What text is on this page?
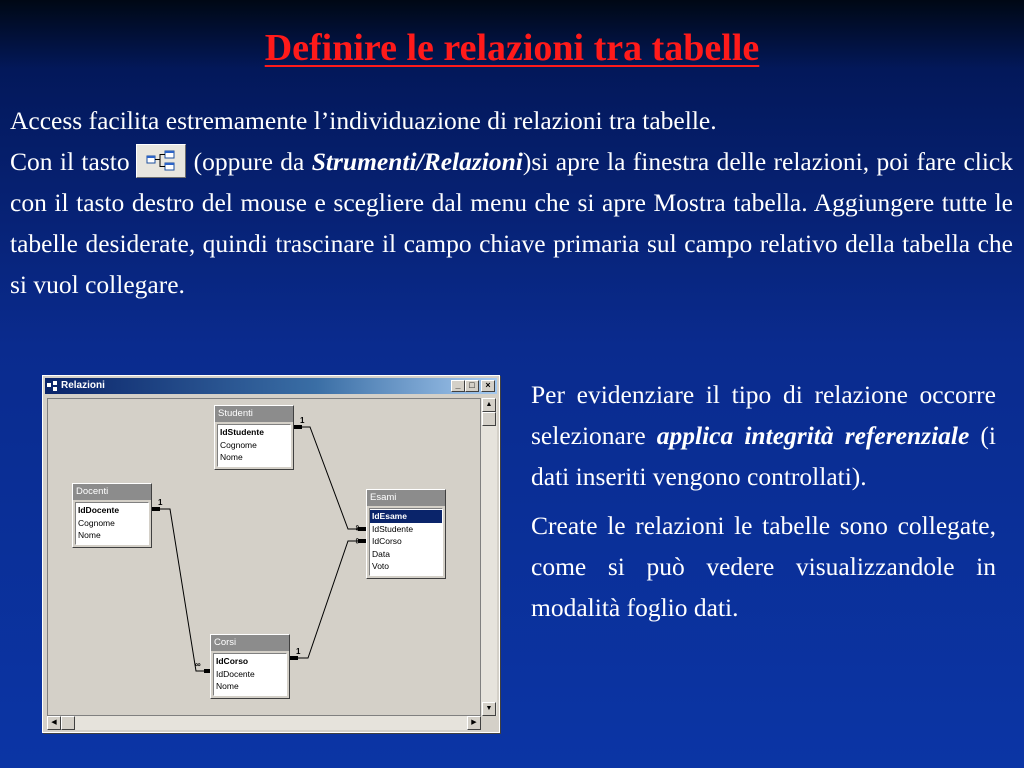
Definire le relazioni tra tabelle

Access facilita estremamente l’individuazione di relazioni tra tabelle.

Con il tasto	(oppure da Strumenti/Relazioni)si apre la finestra delle relazioni, poi fare click con il tasto destro del mouse e scegliere dal menu che si apre Mostra tabella. Aggiungere tutte le tabelle desiderate, quindi trascinare il campo chiave primaria sul campo relativo della tabella che si vuol collegare.

Per evidenziare il tipo di relazione occorre selezionare applica integrità referenziale (i dati inseriti vengono controllati).

Create le relazioni le tabelle sono collegate, come si può vedere visualizzandole in modalità foglio dati.

Relazioni	_ □	×
1
∞
1
∞
1
∞
Studenti
IdStudente
Cognome
Nome
Docenti
IdDocente
Cognome
Nome
Esami
IdEsame
IdStudente
IdCorso
Data
Voto
Corsi
IdCorso
IdDocente
Nome
▲
▼
◀	▶
